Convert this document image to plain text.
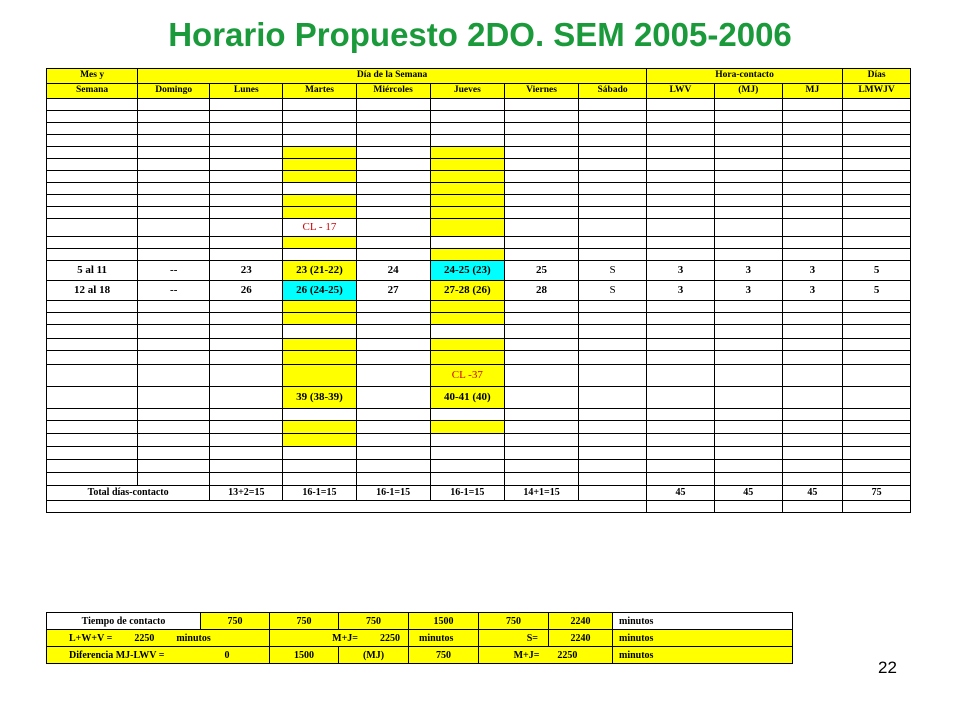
Horario Propuesto 2DO. SEM 2005-2006
Mes y	Día de la Semana							Hora-contacto			Días
Semana	Domingo	Lunes	Martes	Miércoles	Jueves	Viernes	Sábado	LWV	(MJ)	MJ	LMWJV

			CL - 17								

5 al 11	--	23	23 (21-22)	24	24-25 (23)	25	S	3	3	3	5
12 al 18	--	26	26 (24-25)	27	27-28 (26)	28	S	3	3	3	5

					CL -37						
			39 (38-39)		40-41 (40)						

Total días-contacto		13+2=15	16-1=15	16-1=15	16-1=15	14+1=15		45	45	45	75

Tiempo de contacto	750	750	750	1500	750	2240	minutos
L+W+V = 2250 minutos		M+J= 2250		minutos	S=	2240	minutos
Diferencia MJ-LWV = 0		1500	(MJ)	750	M+J= 2250		minutos
22
